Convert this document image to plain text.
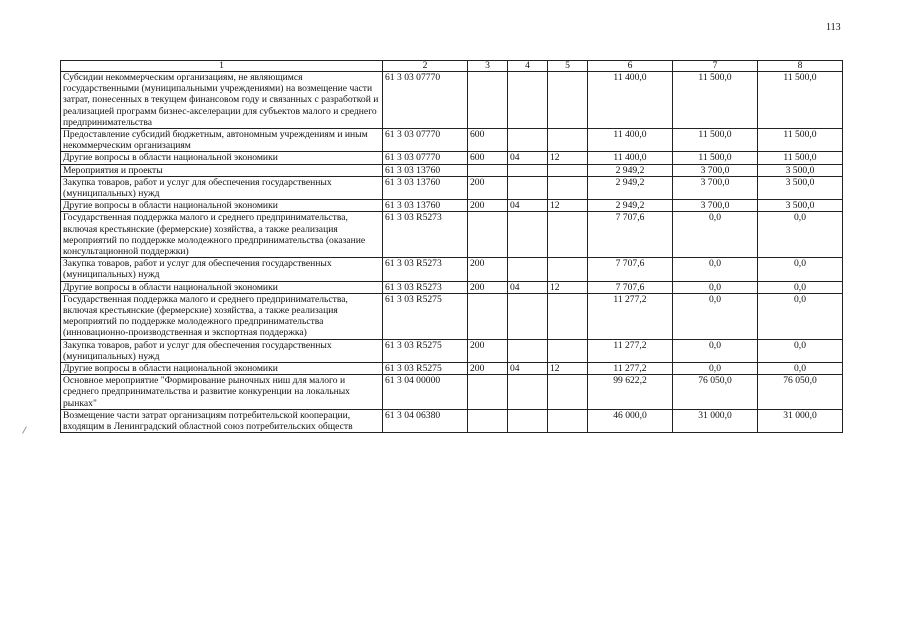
113
1	2	3	4	5	6	7	8
Субсидии некоммерческим организациям, не являющимся государственными (муниципальными учреждениями) на возмещение части затрат, понесенных в текущем финансовом году и связанных с разработкой и реализацией программ бизнес-акселерации для субъектов малого и среднего предпринимательства	61 3 03 07770				11 400,0	11 500,0	11 500,0
Предоставление субсидий бюджетным, автономным учреждениям и иным некоммерческим организациям	61 3 03 07770	600			11 400,0	11 500,0	11 500,0
Другие вопросы в области национальной экономики	61 3 03 07770	600	04	12	11 400,0	11 500,0	11 500,0
Мероприятия и проекты	61 3 03 13760				2 949,2	3 700,0	3 500,0
Закупка товаров, работ и услуг для обеспечения государственных (муниципальных) нужд	61 3 03 13760	200			2 949,2	3 700,0	3 500,0
Другие вопросы в области национальной экономики	61 3 03 13760	200	04	12	2 949,2	3 700,0	3 500,0
Государственная поддержка малого и среднего предпринимательства, включая крестьянские (фермерские) хозяйства, а также реализация мероприятий по поддержке молодежного предпринимательства (оказание консультационной поддержки)	61 3 03 R5273				7 707,6	0,0	0,0
Закупка товаров, работ и услуг для обеспечения государственных (муниципальных) нужд	61 3 03 R5273	200			7 707,6	0,0	0,0
Другие вопросы в области национальной экономики	61 3 03 R5273	200	04	12	7 707,6	0,0	0,0
Государственная поддержка малого и среднего предпринимательства, включая крестьянские (фермерские) хозяйства, а также реализация мероприятий по поддержке молодежного предпринимательства (инновационно-производственная и экспортная поддержка)	61 3 03 R5275				11 277,2	0,0	0,0
Закупка товаров, работ и услуг для обеспечения государственных (муниципальных) нужд	61 3 03 R5275	200			11 277,2	0,0	0,0
Другие вопросы в области национальной экономики	61 3 03 R5275	200	04	12	11 277,2	0,0	0,0
Основное мероприятие "Формирование рыночных ниш для малого и среднего предпринимательства и развитие конкуренции на локальных рынках"	61 3 04 00000				99 622,2	76 050,0	76 050,0
Возмещение части затрат организациям потребительской кооперации, входящим в Ленинградский областной союз потребительских обществ	61 3 04 06380				46 000,0	31 000,0	31 000,0
